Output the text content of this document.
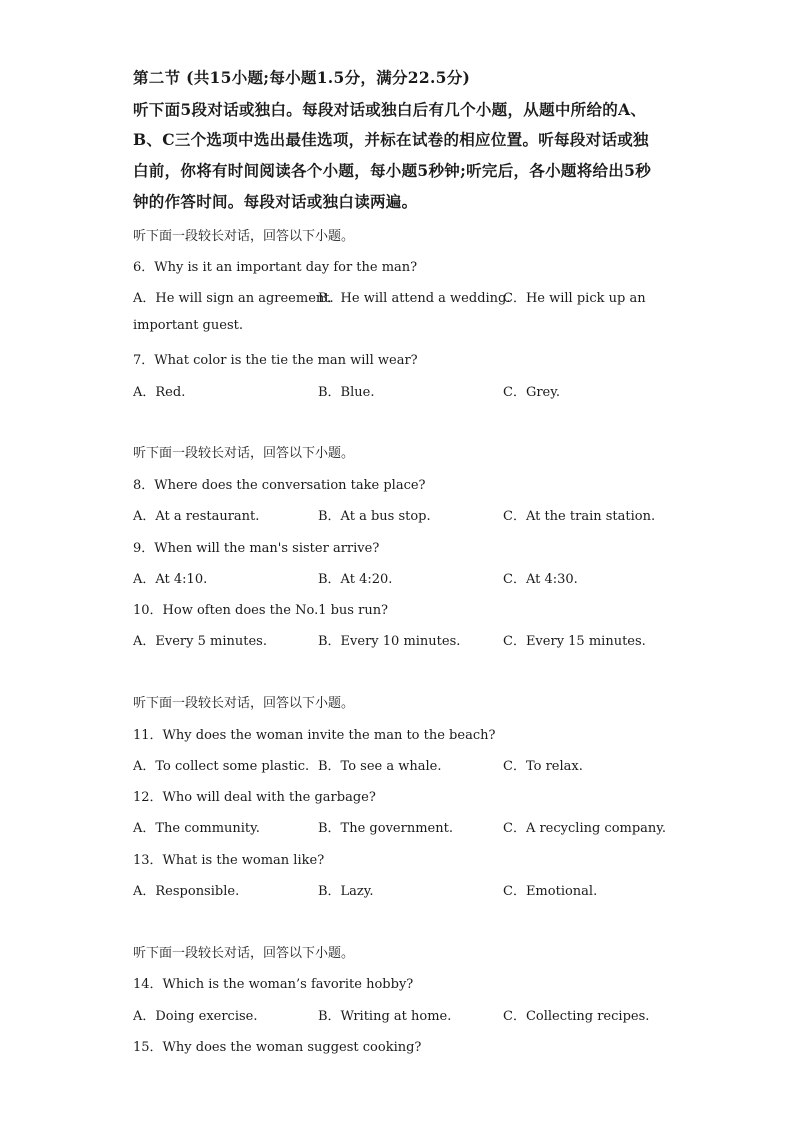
第二节 (共15小题;每小题1.5分，满分22.5分)
听下面5段对话或独白。每段对话或独白后有几个小题，从题中所给的A、
B、C三个选项中选出最佳选项，并标在试卷的相应位置。听每段对话或独
白前，你将有时间阅读各个小题，每小题5秒钟;听完后，各小题将给出5秒
钟的作答时间。每段对话或独白读两遍。
听下面一段较长对话，回答以下小题。
6．Why is it an important day for the man?
A．He will sign an agreement.
B．He will attend a wedding.
C．He will pick up an
important guest.
7．What color is the tie the man will wear?
A．Red.	B．Blue.	C．Grey.
听下面一段较长对话，回答以下小题。
8．Where does the conversation take place?
A．At a restaurant.	B．At a bus stop.	C．At the train station.
9．When will the man's sister arrive?
A．At 4:10.	B．At 4:20.	C．At 4:30.
10．How often does the No.1 bus run?
A．Every 5 minutes.	B．Every 10 minutes.	C．Every 15 minutes.
听下面一段较长对话，回答以下小题。
11．Why does the woman invite the man to the beach?
A．To collect some plastic. B．To see a whale.	C．To relax.
12．Who will deal with the garbage?
A．The community.	B．The government.	C．A recycling company.
13．What is the woman like?
A．Responsible.	B．Lazy.	C．Emotional.
听下面一段较长对话，回答以下小题。
14．Which is the woman’s favorite hobby?
A．Doing exercise.	B．Writing at home.	C．Collecting recipes.
15．Why does the woman suggest cooking?
